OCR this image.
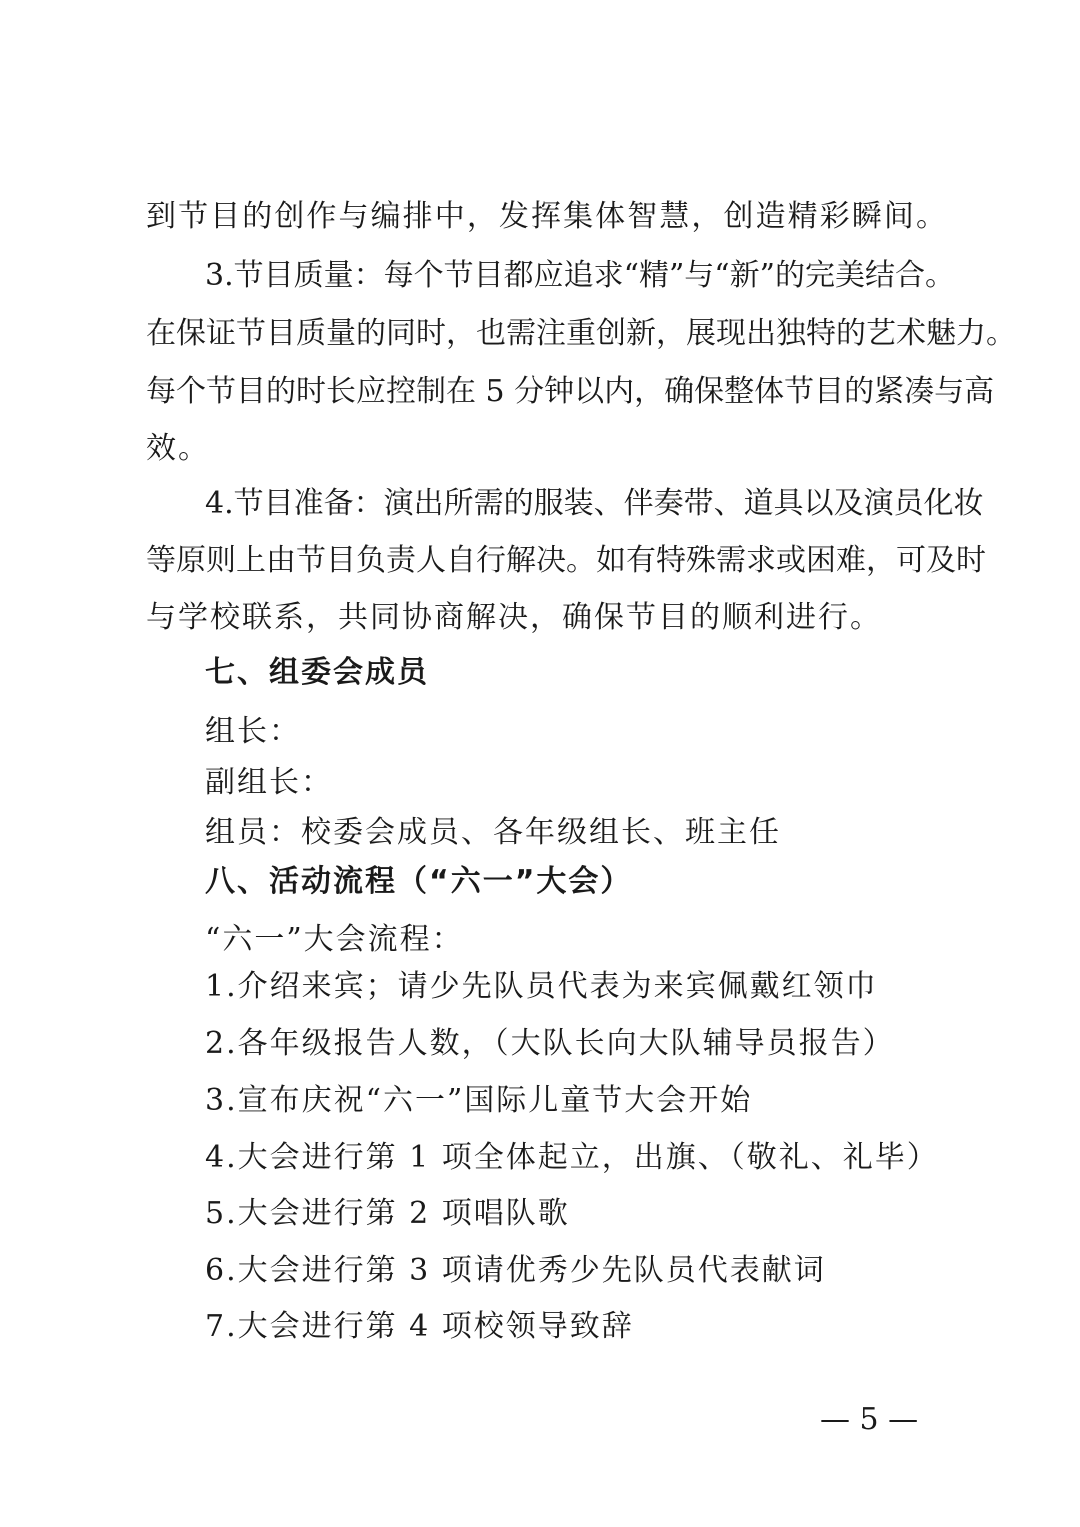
到节目的创作与编排中，发挥集体智慧，创造精彩瞬间。
3.节目质量：每个节目都应追求“精”与“新”的完美结合。
在保证节目质量的同时，也需注重创新，展现出独特的艺术魅力。
每个节目的时长应控制在 5 分钟以内，确保整体节目的紧凑与高
效。
4.节目准备：演出所需的服装、伴奏带、道具以及演员化妆
等原则上由节目负责人自行解决。如有特殊需求或困难，可及时
与学校联系，共同协商解决，确保节目的顺利进行。
七、组委会成员
组长：
副组长：
组员：校委会成员、各年级组长、班主任
八、活动流程（“六一”大会）
“六一”大会流程：
1.介绍来宾；请少先队员代表为来宾佩戴红领巾
2.各年级报告人数，（大队长向大队辅导员报告）
3.宣布庆祝“六一”国际儿童节大会开始
4.大会进行第 1 项全体起立，出旗、（敬礼、礼毕）
5.大会进行第 2 项唱队歌
6.大会进行第 3 项请优秀少先队员代表献词
7.大会进行第 4 项校领导致辞
— 5 —
